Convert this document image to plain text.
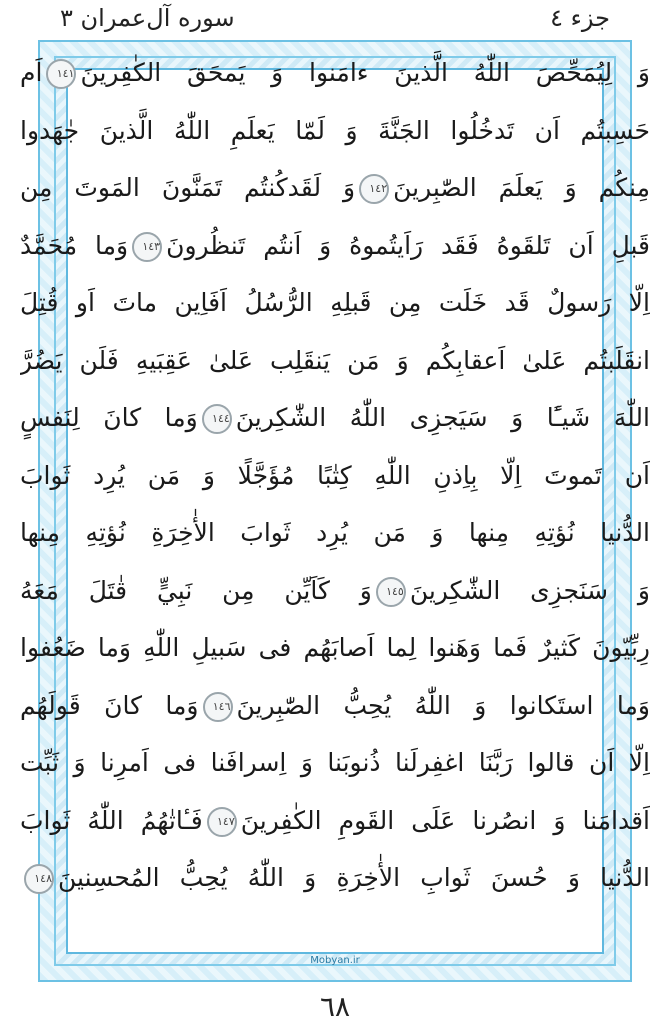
سوره آل‌عمران ٣	جزء ٤
وَ لِيُمَحِّصَ اللّٰهُ الَّذينَ ءامَنوا وَ يَمحَقَ الكٰفِرينَ١٤١اَم
حَسِبتُم اَن تَدخُلُوا الجَنَّةَ وَ لَمّا يَعلَمِ اللّٰهُ الَّذينَ جٰهَدوا
مِنكُم وَ يَعلَمَ الصّٰبِرينَ١٤٢وَ لَقَدكُنتُم تَمَنَّونَ المَوتَ مِن
قَبلِ اَن تَلقَوهُ فَقَد رَاَيتُموهُ وَ اَنتُم تَنظُرونَ١٤٣وَما مُحَمَّدٌ
اِلّا رَسولٌ قَد خَلَت مِن قَبلِهِ الرُّسُلُ اَفَاِين ماتَ اَو قُتِلَ
انقَلَبتُم عَلىٰ اَعقابِكُم وَ مَن يَنقَلِب عَلىٰ عَقِبَيهِ فَلَن يَضُرَّ
اللّٰهَ شَيـًٔا وَ سَيَجزِى اللّٰهُ الشّٰكِرينَ١٤٤وَما كانَ لِنَفسٍ
اَن تَموتَ اِلّا بِاِذنِ اللّٰهِ كِتٰبًا مُؤَجَّلًا وَ مَن يُرِد ثَوابَ
الدُّنيا نُؤتِهِ مِنها وَ مَن يُرِد ثَوابَ الأٰخِرَةِ نُؤتِهِ مِنها
وَ سَنَجزِى الشّٰكِرينَ١٤٥وَ كَاَيِّن مِن نَبِيٍّ قٰتَلَ مَعَهُ
رِبِّيّونَ كَثيرٌ فَما وَهَنوا لِما اَصابَهُم فى سَبيلِ اللّٰهِ وَما ضَعُفوا
وَما استَكانوا وَ اللّٰهُ يُحِبُّ الصّٰبِرينَ١٤٦وَما كانَ قَولَهُم
اِلّا اَن قالوا رَبَّنَا اغفِرلَنا ذُنوبَنا وَ اِسرافَنا فى اَمرِنا وَ ثَبِّت
اَقدامَنا وَ انصُرنا عَلَى القَومِ الكٰفِرينَ١٤٧فَـٔاتٰهُمُ اللّٰهُ ثَوابَ
الدُّنيا وَ حُسنَ ثَوابِ الأٰخِرَةِ وَ اللّٰهُ يُحِبُّ المُحسِنينَ١٤٨
Mobyan.ir
٦٨
